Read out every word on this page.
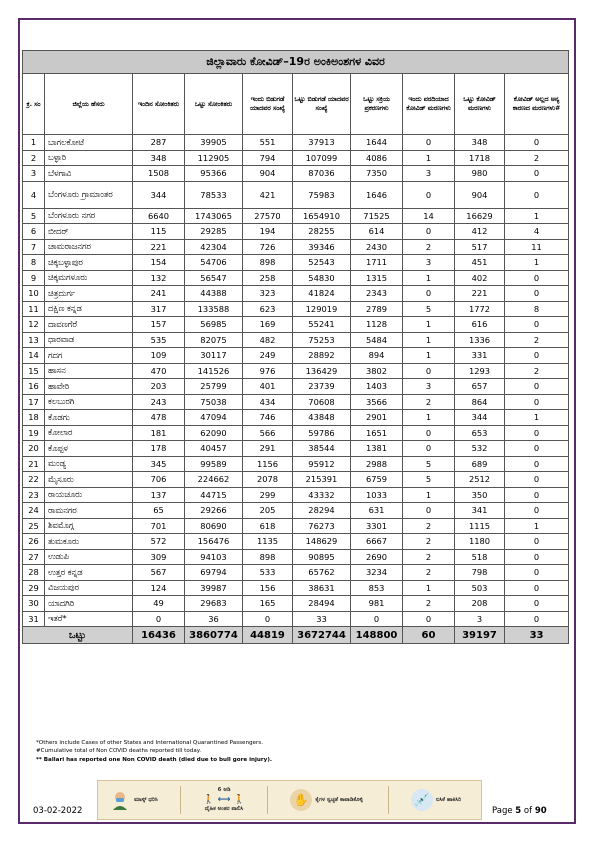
ಜಿಲ್ಲಾವಾರು ಕೋವಿಡ್–19ರ ಅಂಕಿಅಂಶಗಳ ವಿವರ									
ಕ್ರ. ಸಂ	ಜಿಲ್ಲೆಯ ಹೆಸರು	ಇಂದಿನ ಸೋಂಕಿತರು	ಒಟ್ಟು ಸೋಂಕಿತರು	ಇಂದು ಬಿಡುಗಡೆ ಯಾದವರ ಸಂಖ್ಯೆ	ಒಟ್ಟು ಬಿಡುಗಡೆ ಯಾದವರ ಸಂಖ್ಯೆ	ಒಟ್ಟು ಸಕ್ರಿಯ ಪ್ರಕರಣಗಳು	ಇಂದು ವರದಿಯಾದ ಕೋವಿಡ್ ಮರಣಗಳು	ಒಟ್ಟು ಕೋವಿಡ್ ಮರಣಗಳು	ಕೋವಿಡ್ ಅಲ್ಲದ ಅನ್ಯ ಕಾರಣದ ಮರಣಗಳು#
1	ಬಾಗಲಕೋಟೆ	287	39905	551	37913	1644	0	348	0
2	ಬಳ್ಳಾರಿ	348	112905	794	107099	4086	1	1718	2
3	ಬೆಳಗಾವಿ	1508	95366	904	87036	7350	3	980	0
4	ಬೆಂಗಳೂರು ಗ್ರಾಮಾಂತರ	344	78533	421	75983	1646	0	904	0
5	ಬೆಂಗಳೂರು ನಗರ	6640	1743065	27570	1654910	71525	14	16629	1
6	ಬೀದರ್	115	29285	194	28255	614	0	412	4
7	ಚಾಮರಾಜನಗರ	221	42304	726	39346	2430	2	517	11
8	ಚಿಕ್ಕಬಳ್ಳಾಪುರ	154	54706	898	52543	1711	3	451	1
9	ಚಿಕ್ಕಮಗಳೂರು	132	56547	258	54830	1315	1	402	0
10	ಚಿತ್ರದುರ್ಗ	241	44388	323	41824	2343	0	221	0
11	ದಕ್ಷಿಣ ಕನ್ನಡ	317	133588	623	129019	2789	5	1772	8
12	ದಾವಣಗೆರೆ	157	56985	169	55241	1128	1	616	0
13	ಧಾರವಾಡ	535	82075	482	75253	5484	1	1336	2
14	ಗದಗ	109	30117	249	28892	894	1	331	0
15	ಹಾಸನ	470	141526	976	136429	3802	0	1293	2
16	ಹಾವೇರಿ	203	25799	401	23739	1403	3	657	0
17	ಕಲಬುರಗಿ	243	75038	434	70608	3566	2	864	0
18	ಕೊಡಗು	478	47094	746	43848	2901	1	344	1
19	ಕೋಲಾರ	181	62090	566	59786	1651	0	653	0
20	ಕೊಪ್ಪಳ	178	40457	291	38544	1381	0	532	0
21	ಮಂಡ್ಯ	345	99589	1156	95912	2988	5	689	0
22	ಮೈಸೂರು	706	224662	2078	215391	6759	5	2512	0
23	ರಾಯಚೂರು	137	44715	299	43332	1033	1	350	0
24	ರಾಮನಗರ	65	29266	205	28294	631	0	341	0
25	ಶಿವಮೊಗ್ಗ	701	80690	618	76273	3301	2	1115	1
26	ತುಮಕೂರು	572	156476	1135	148629	6667	2	1180	0
27	ಉಡುಪಿ	309	94103	898	90895	2690	2	518	0
28	ಉತ್ತರ ಕನ್ನಡ	567	69794	533	65762	3234	2	798	0
29	ವಿಜಯಪುರ	124	39987	156	38631	853	1	503	0
30	ಯಾದಗಿರಿ	49	29683	165	28494	981	2	208	0
31	ಇತರೆ*	0	36	0	33	0	0	3	0
ಒಟ್ಟು		16436	3860774	44819	3672744	148800	60	39197	33
*Others include Cases of other States and International Quarantined Passengers.
#Cumulative total of Non COVID deaths reported till today.
** Ballari has reported one Non COVID death (died due to bull gore injury).
ಮಾಸ್ಕ್ ಧರಿಸಿ
6 ಅಡಿ
🚶 ⟷ 🚶
ದೈಹಿಕ ಅಂತರ ಪಾಲಿಸಿ
✋	ಕೈಗಳ ಸ್ವಚ್ಛತೆ ಕಾಪಾಡಿಕೊಳ್ಳಿ	💉	ಲಸಿಕೆ ಹಾಕಿಸಿರಿ
03-02-2022	Page 5 of 90
